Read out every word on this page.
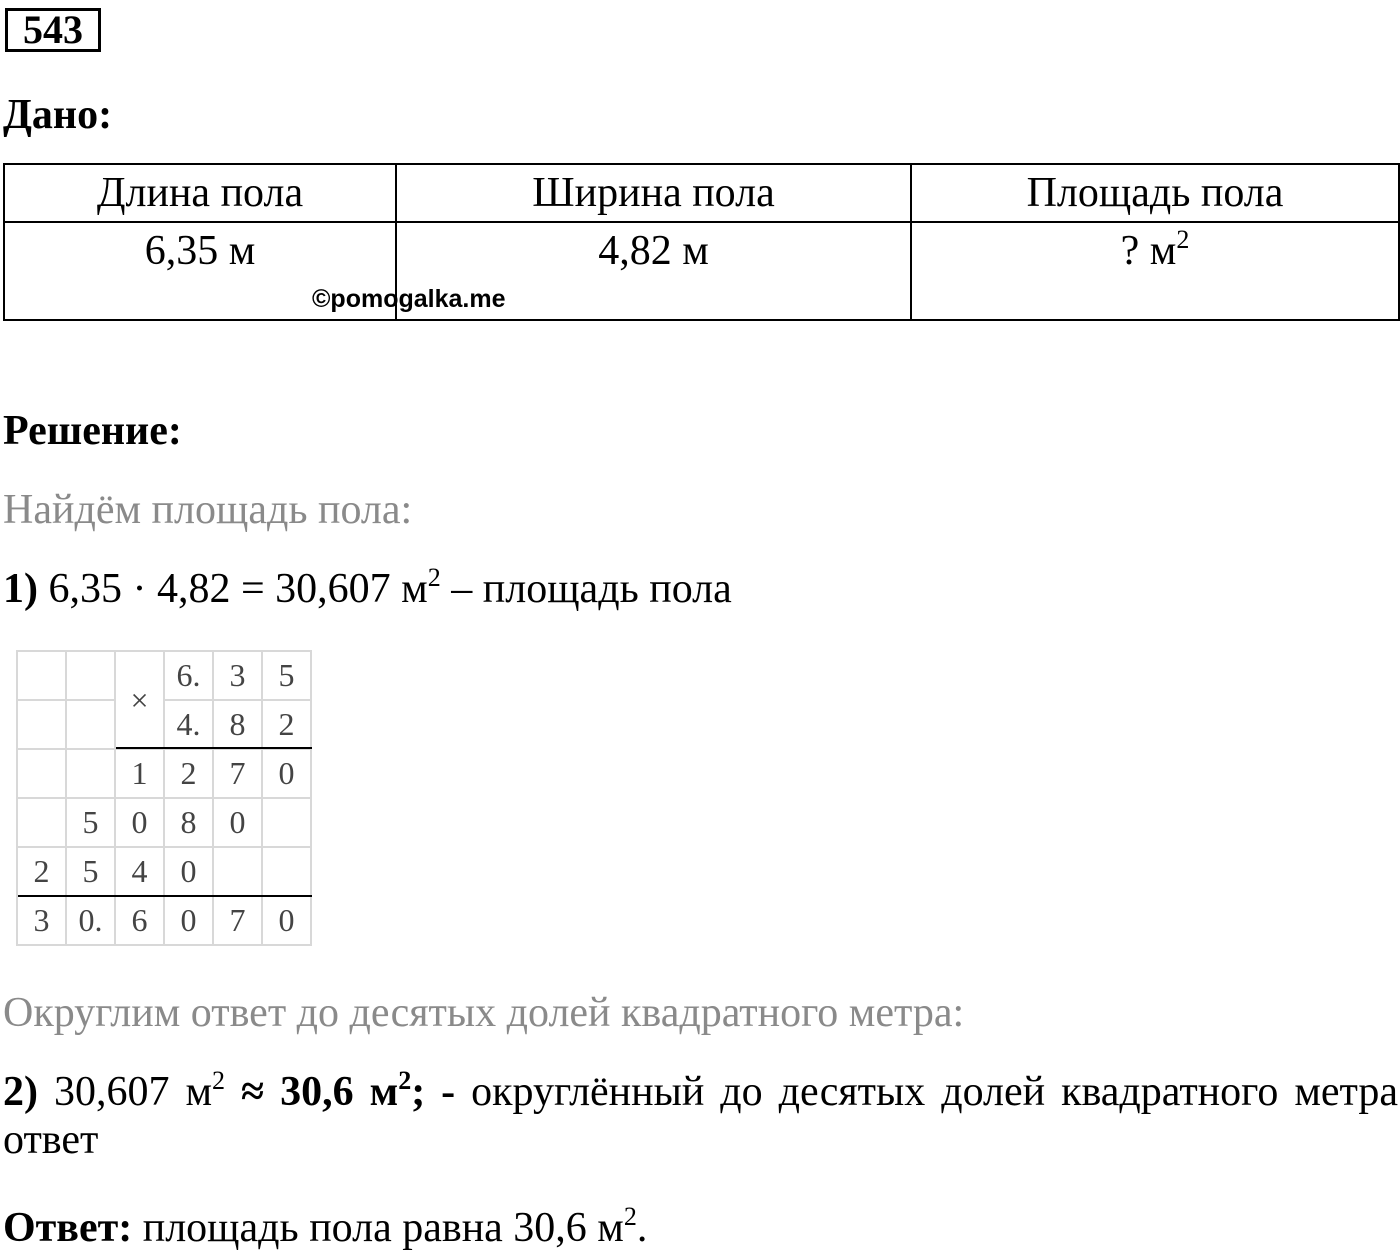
543
Дано:
Длина пола	Ширина пола	Площадь пола
6,35 м	4,82 м	? $м^2$
©pomogalka.me
Решение:
Найдём площадь пола:
1) 6,35 · 4,82 = 30,607 $м^2$ – площадь пола
		×	6.	3	5
			4.	8	2
		1	2	7	0
	5	0	8	0	
2	5	4	0		
3	0.	6	0	7	0
Округлим ответ до десятых долей квадратного метра:
2) 30,607 $м^2 \approx 30,6$ $м^2$; - округлённый до десятых долей квадратного метра ответ
Ответ: площадь пола равна 30,6 $м^2$.
